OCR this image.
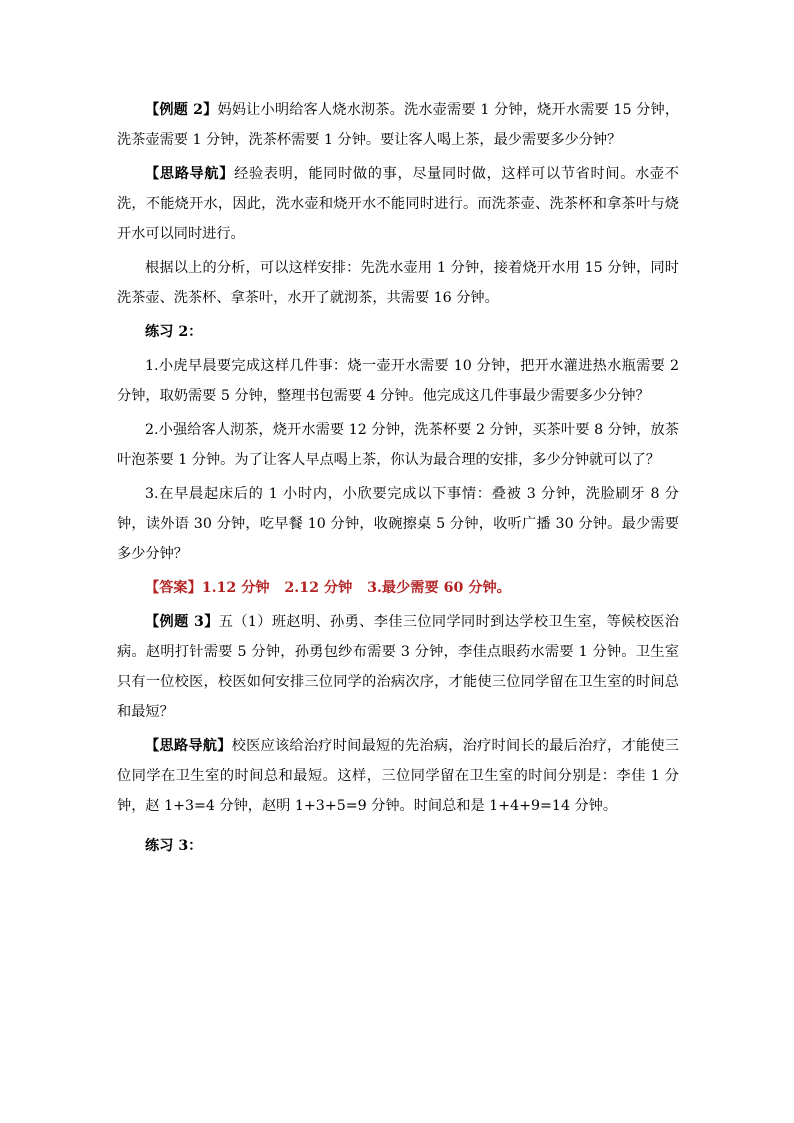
【例题 2】妈妈让小明给客人烧水沏茶。洗水壶需要 1 分钟，烧开水需要 15 分钟，洗茶壶需要 1 分钟，洗茶杯需要 1 分钟。要让客人喝上茶，最少需要多少分钟？

【思路导航】经验表明，能同时做的事，尽量同时做，这样可以节省时间。水壶不洗，不能烧开水，因此，洗水壶和烧开水不能同时进行。而洗茶壶、洗茶杯和拿茶叶与烧开水可以同时进行。

根据以上的分析，可以这样安排：先洗水壶用 1 分钟，接着烧开水用 15 分钟，同时洗茶壶、洗茶杯、拿茶叶，水开了就沏茶，共需要 16 分钟。

练习 2：

1.小虎早晨要完成这样几件事：烧一壶开水需要 10 分钟，把开水灌进热水瓶需要 2 分钟，取奶需要 5 分钟，整理书包需要 4 分钟。他完成这几件事最少需要多少分钟？

2.小强给客人沏茶，烧开水需要 12 分钟，洗茶杯要 2 分钟，买茶叶要 8 分钟，放茶叶泡茶要 1 分钟。为了让客人早点喝上茶，你认为最合理的安排，多少分钟就可以了？

3.在早晨起床后的 1 小时内，小欣要完成以下事情：叠被 3 分钟，洗脸刷牙 8 分钟，读外语 30 分钟，吃早餐 10 分钟，收碗擦桌 5 分钟，收听广播 30 分钟。最少需要多少分钟？

【答案】1.12 分钟   2.12 分钟   3.最少需要 60 分钟。

【例题 3】五（1）班赵明、孙勇、李佳三位同学同时到达学校卫生室，等候校医治病。赵明打针需要 5 分钟，孙勇包纱布需要 3 分钟，李佳点眼药水需要 1 分钟。卫生室只有一位校医，校医如何安排三位同学的治病次序，才能使三位同学留在卫生室的时间总和最短？

【思路导航】校医应该给治疗时间最短的先治病，治疗时间长的最后治疗，才能使三位同学在卫生室的时间总和最短。这样，三位同学留在卫生室的时间分别是：李佳 1 分钟，赵 1+3=4 分钟，赵明 1+3+5=9 分钟。时间总和是 1+4+9=14 分钟。

练习 3：
